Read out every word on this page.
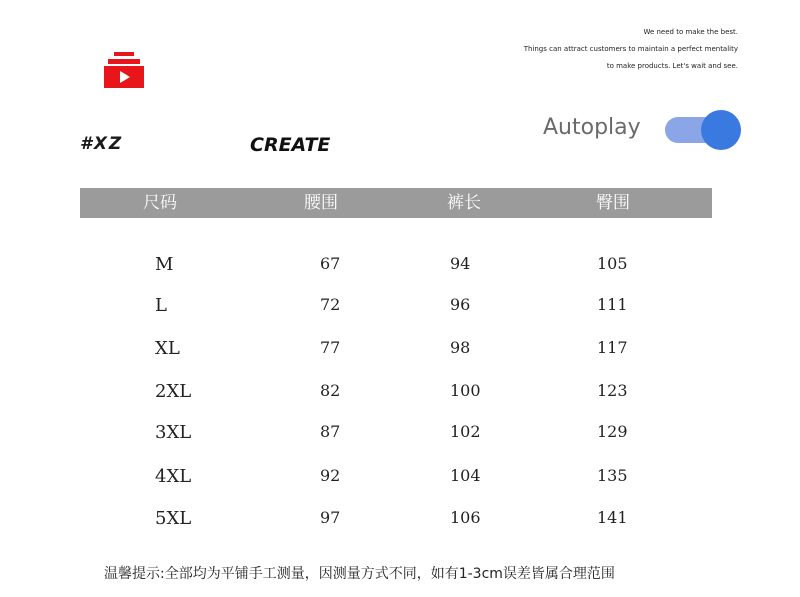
We need to make the best.
Things can attract customers to maintain a perfect mentality
to make products. Let's wait and see.
#XZ	CREATE
Autoplay
尺码	腰围	裤长	臀围
M	67	94	105
L	72	96	111
XL	77	98	117
2XL	82	100	123
3XL	87	102	129
4XL	92	104	135
5XL	97	106	141
温馨提示:全部均为平铺手工测量，因测量方式不同，如有1-3cm误差皆属合理范围
